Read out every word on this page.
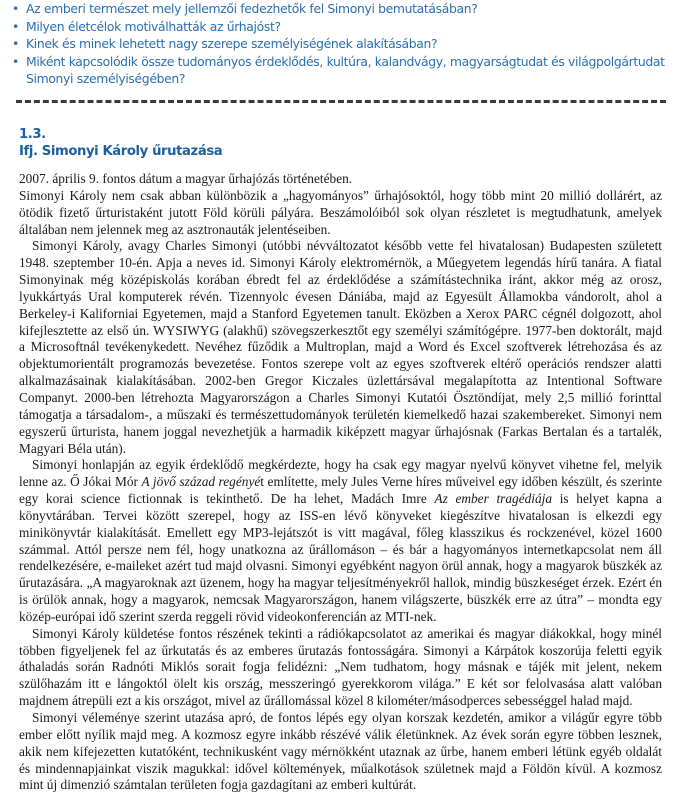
• Az emberi természet mely jellemzői fedezhetők fel Simonyi bemutatásában?
• Milyen életcélok motiválhatták az űrhajóst?
• Kinek és minek lehetett nagy szerepe személyiségének alakításában?
• Miként kapcsolódik össze tudományos érdeklődés, kultúra, kalandvágy, magyarságtudat és világpolgártudat Simonyi személyiségében?
1.3.
Ifj. Simonyi Károly űrutazása

2007. április 9. fontos dátum a magyar űrhajózás történetében.

Simonyi Károly nem csak abban különbözik a „hagyományos” űrhajósoktól, hogy több mint 20 millió dollárért, az ötödik fizető űrturistaként jutott Föld körüli pályára. Beszámolóiból sok olyan részletet is megtudhatunk, amelyek általában nem jelennek meg az asztronauták jelentéseiben.

Simonyi Károly, avagy Charles Simonyi (utóbbi névváltozatot később vette fel hivatalosan) Budapesten született 1948. szeptember 10-én. Apja a neves id. Simonyi Károly elektromérnök, a Műegyetem legendás hírű tanára. A fiatal Simonyinak még középiskolás korában ébredt fel az érdeklődése a számítástechnika iránt, akkor még az orosz, lyukkártyás Ural komputerek révén. Tizennyolc évesen Dániába, majd az Egyesült Államokba vándorolt, ahol a Berkeley-i Kaliforniai Egyetemen, majd a Stanford Egyetemen tanult. Eközben a Xerox PARC cégnél dolgozott, ahol kifejlesztette az első ún. WYSIWYG (alakhű) szövegszerkesztőt egy személyi számítógépre. 1977-ben doktorált, majd a Microsoftnál tevékenykedett. Nevéhez fűződik a Multroplan, majd a Word és Excel szoftverek létrehozása és az objektumorientált programozás bevezetése. Fontos szerepe volt az egyes szoftverek eltérő operációs rendszer alatti alkalmazásainak kialakításában. 2002-ben Gregor Kiczales üzlettársával megalapította az Intentional Software Companyt. 2000-ben létrehozta Magyarországon a Charles Simonyi Kutatói Ösztöndíjat, mely 2,5 millió forinttal támogatja a társadalom-, a műszaki és természettudományok területén kiemelkedő hazai szakembereket. Simonyi nem egyszerű űrturista, hanem joggal nevezhetjük a harmadik kiképzett magyar űrhajósnak (Farkas Bertalan és a tartalék, Magyari Béla után).

Simonyi honlapján az egyik érdeklődő megkérdezte, hogy ha csak egy magyar nyelvű könyvet vihetne fel, melyik lenne az. Ő Jókai Mór A jövő század regényét említette, mely Jules Verne híres műveivel egy időben készült, és szerinte egy korai science fictionnak is tekinthető. De ha lehet, Madách Imre Az ember tragédiája is helyet kapna a könyvtárában. Tervei között szerepel, hogy az ISS-en lévő könyveket kiegészítve hivatalosan is elkezdi egy minikönyvtár kialakítását. Emellett egy MP3-lejátszót is vitt magával, főleg klasszikus és rockzenével, közel 1600 számmal. Attól persze nem fél, hogy unatkozna az űrállomáson – és bár a hagyományos internetkapcsolat nem áll rendelkezésére, e-maileket azért tud majd olvasni. Simonyi egyébként nagyon örül annak, hogy a magyarok büszkék az űrutazására. „A magyaroknak azt üzenem, hogy ha magyar teljesítményekről hallok, mindig büszkeséget érzek. Ezért én is örülök annak, hogy a magyarok, nemcsak Magyarországon, hanem világszerte, büszkék erre az útra” – mondta egy közép-európai idő szerint szerda reggeli rövid videokonferencián az MTI-nek.

Simonyi Károly küldetése fontos részének tekinti a rádiókapcsolatot az amerikai és magyar diákokkal, hogy minél többen figyeljenek fel az űrkutatás és az emberes űrutazás fontosságára. Simonyi a Kárpátok koszorúja feletti egyik áthaladás során Radnóti Miklós sorait fogja felidézni: „Nem tudhatom, hogy másnak e tájék mit jelent, nekem szülőhazám itt e lángoktól ölelt kis ország, messzeringó gyerekkorom világa.” E két sor felolvasása alatt valóban majdnem átrepüli ezt a kis országot, mivel az űrállomással közel 8 kilométer/másodperces sebességgel halad majd.

Simonyi véleménye szerint utazása apró, de fontos lépés egy olyan korszak kezdetén, amikor a világűr egyre több ember előtt nyílik majd meg. A kozmosz egyre inkább részévé válik életünknek. Az évek során egyre többen lesznek, akik nem kifejezetten kutatóként, technikusként vagy mérnökként utaznak az űrbe, hanem emberi létünk egyéb oldalát és mindennapjainkat viszik magukkal: idővel költemények, műalkotások születnek majd a Földön kívül. A kozmosz mint új dimenzió számtalan területen fogja gazdagítani az emberi kultúrát.
